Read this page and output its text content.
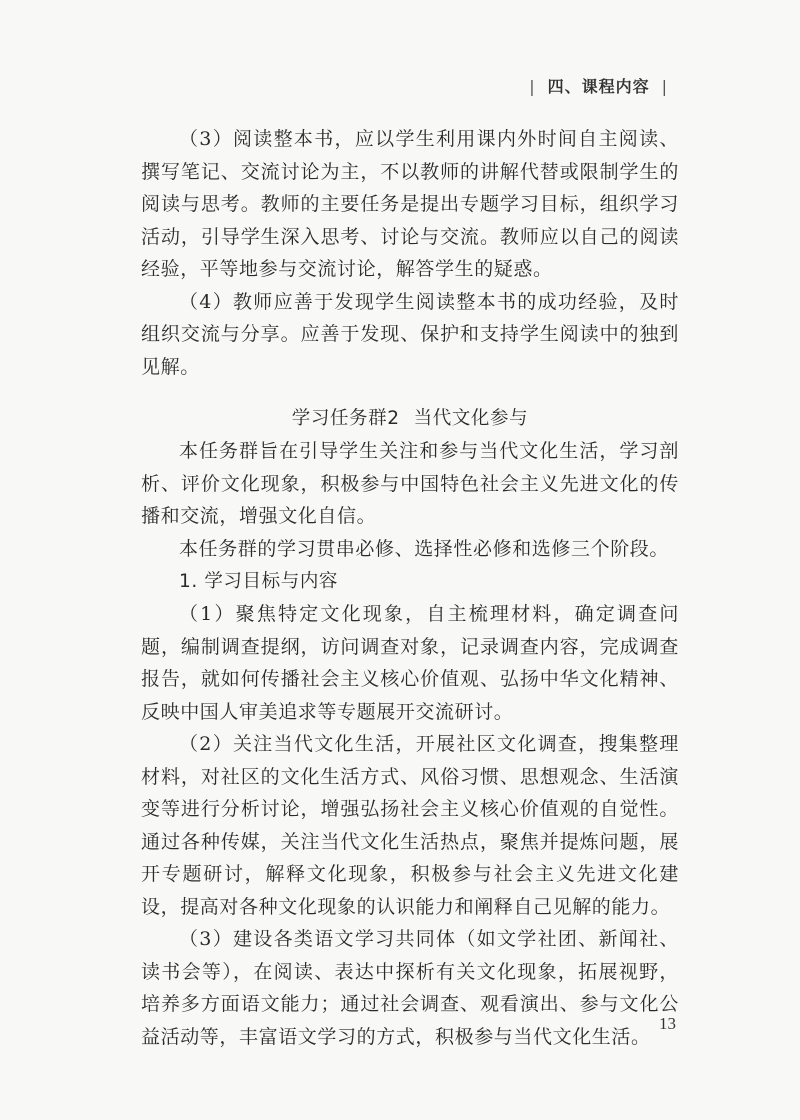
| 四、课程内容 |

（3）阅读整本书，应以学生利用课内外时间自主阅读、撰写笔记、交流讨论为主，不以教师的讲解代替或限制学生的阅读与思考。教师的主要任务是提出专题学习目标，组织学习活动，引导学生深入思考、讨论与交流。教师应以自己的阅读经验，平等地参与交流讨论，解答学生的疑惑。

（4）教师应善于发现学生阅读整本书的成功经验，及时组织交流与分享。应善于发现、保护和支持学生阅读中的独到见解。

学习任务群2 当代文化参与

本任务群旨在引导学生关注和参与当代文化生活，学习剖析、评价文化现象，积极参与中国特色社会主义先进文化的传播和交流，增强文化自信。

本任务群的学习贯串必修、选择性必修和选修三个阶段。

1. 学习目标与内容

（1）聚焦特定文化现象，自主梳理材料，确定调查问题，编制调查提纲，访问调查对象，记录调查内容，完成调查报告，就如何传播社会主义核心价值观、弘扬中华文化精神、反映中国人审美追求等专题展开交流研讨。

（2）关注当代文化生活，开展社区文化调查，搜集整理材料，对社区的文化生活方式、风俗习惯、思想观念、生活演变等进行分析讨论，增强弘扬社会主义核心价值观的自觉性。通过各种传媒，关注当代文化生活热点，聚焦并提炼问题，展开专题研讨，解释文化现象，积极参与社会主义先进文化建设，提高对各种文化现象的认识能力和阐释自己见解的能力。

（3）建设各类语文学习共同体（如文学社团、新闻社、读书会等），在阅读、表达中探析有关文化现象，拓展视野，培养多方面语文能力；通过社会调查、观看演出、参与文化公益活动等，丰富语文学习的方式，积极参与当代文化生活。

13
